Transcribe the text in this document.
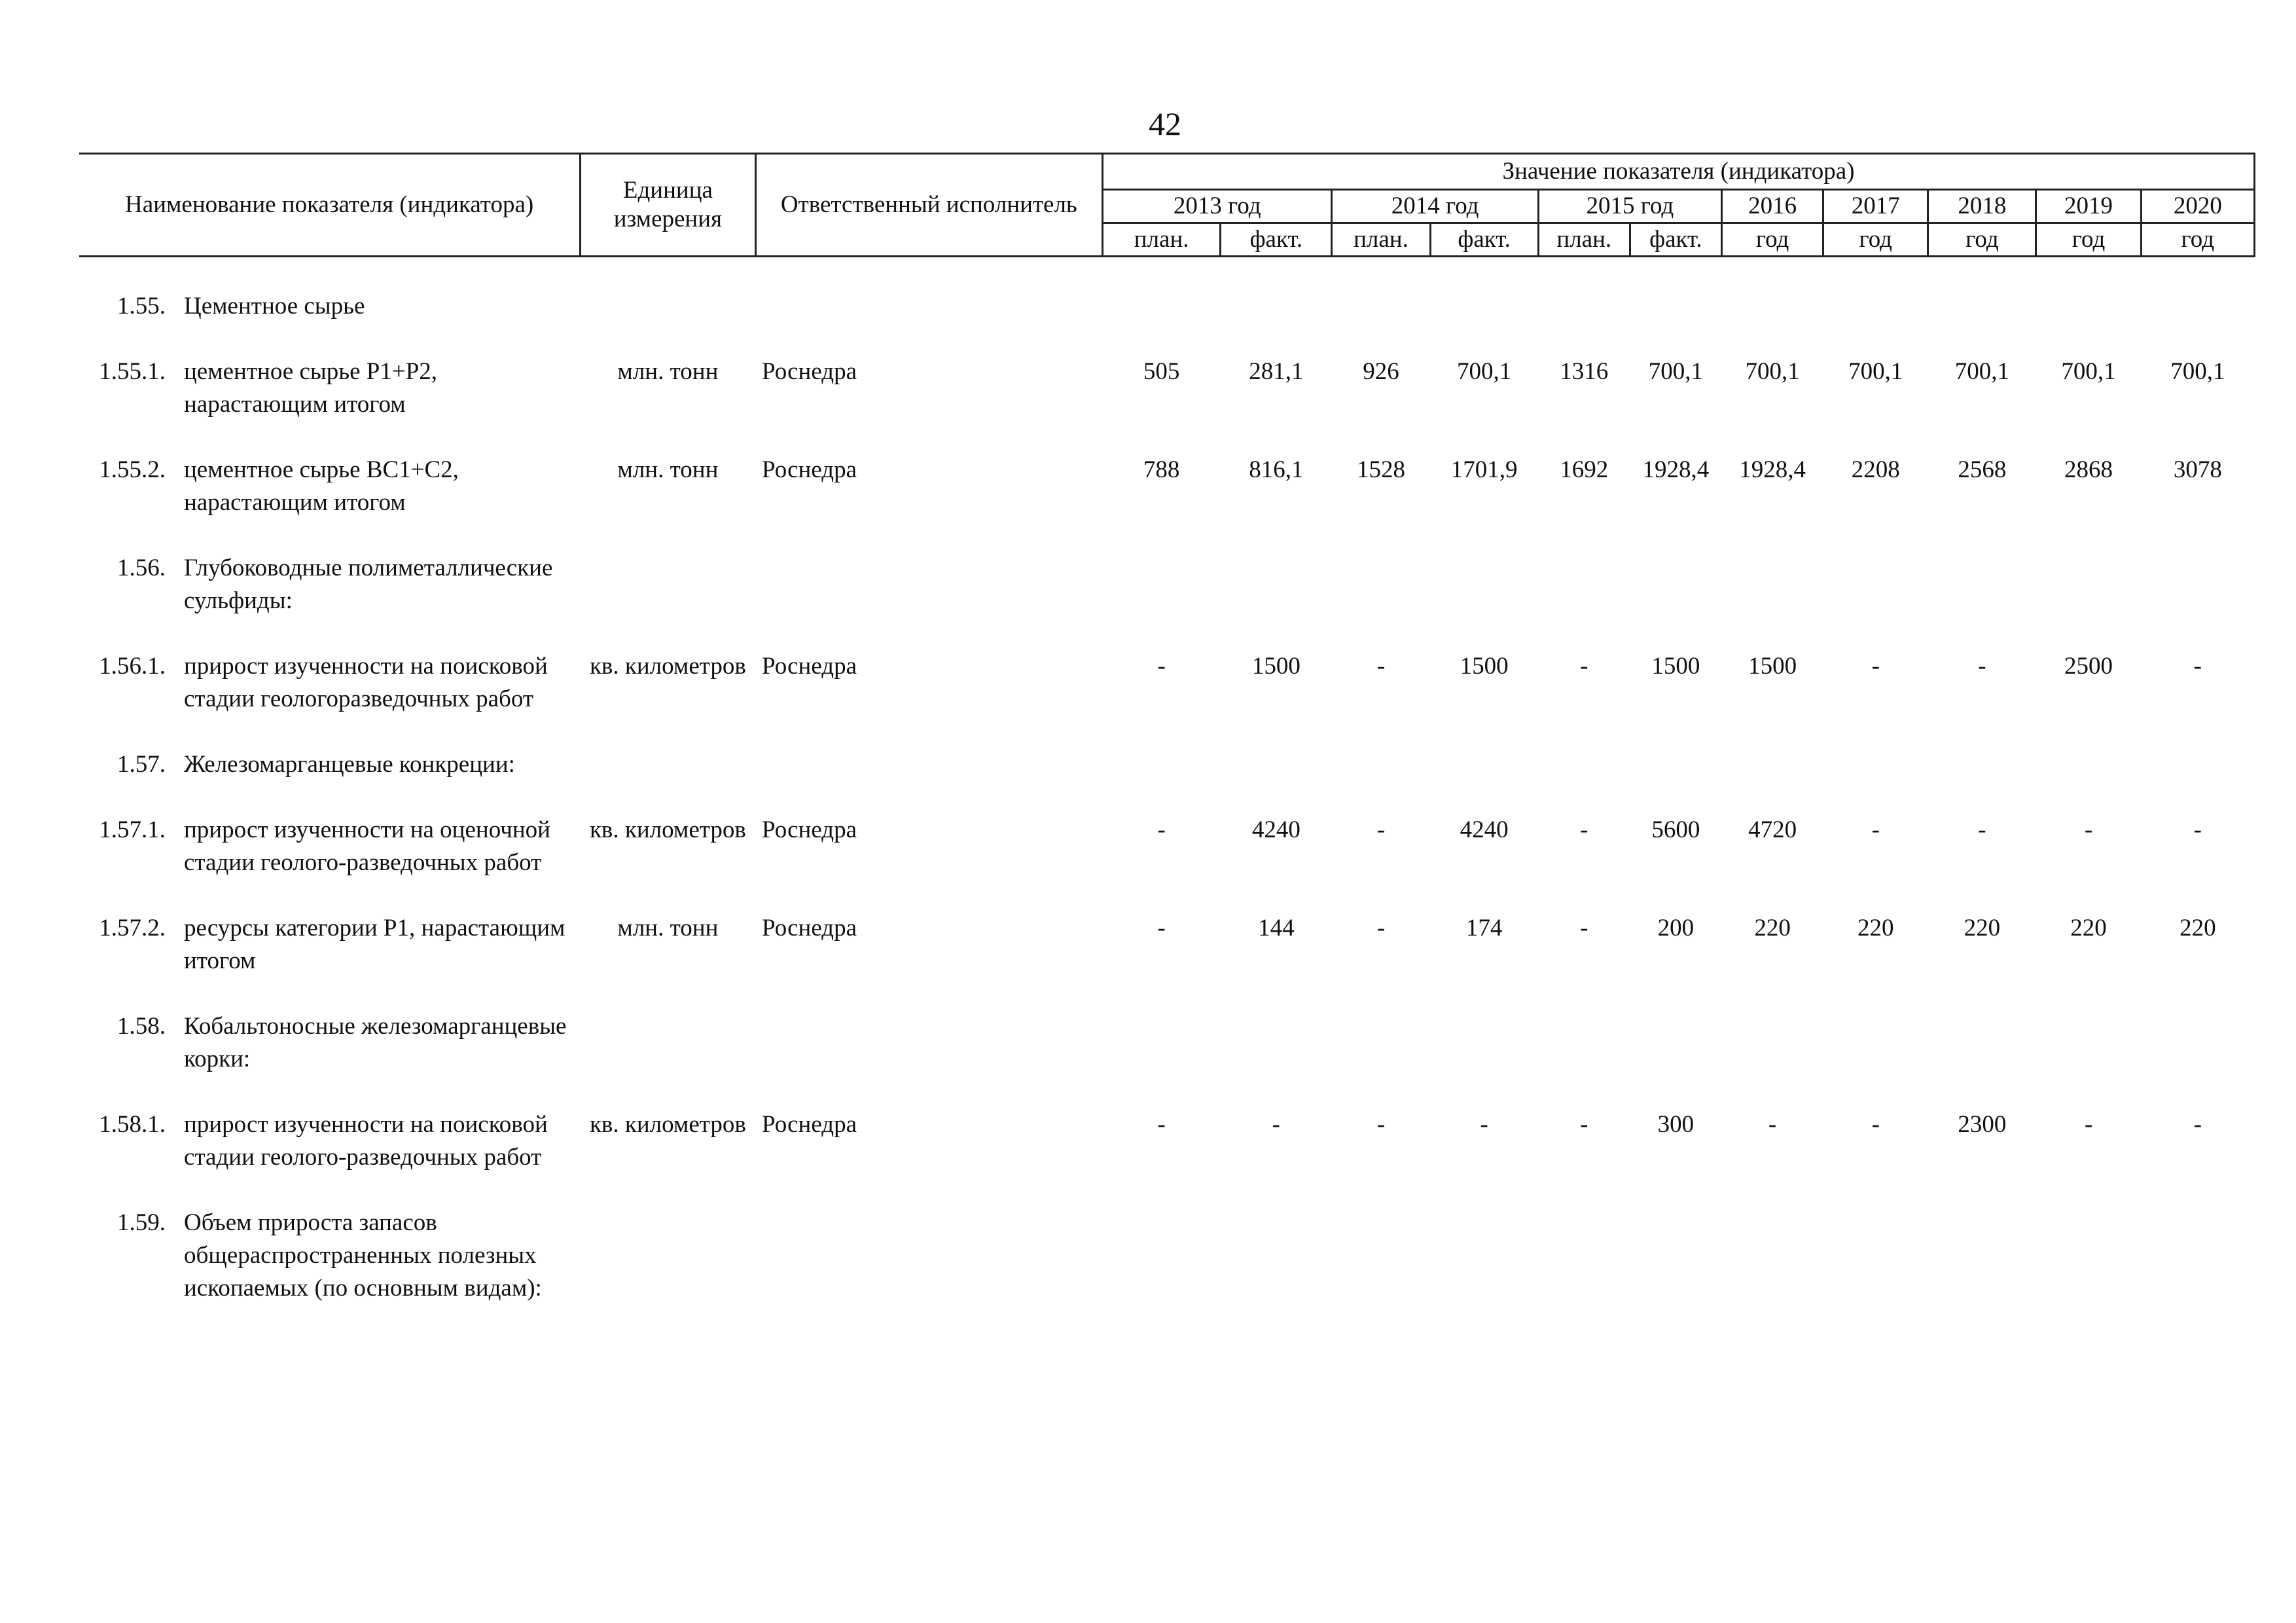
42
Наименование показателя (индикатора)	Единица измерения	Ответственный исполнитель	Значение показателя (индикатора)										
			2013 год		2014 год		2015 год		2016	2017	2018	2019	2020
			план.	факт.	план.	факт.	план.	факт.	год	год	год	год	год

1.55. Цементное сырье													

1.55.1. цементное сырье P1+P2, нарастающим итогом	млн. тонн	Роснедра	505	281,1	926	700,1	1316	700,1	700,1	700,1	700,1	700,1	700,1

1.55.2. цементное сырье BC1+C2, нарастающим итогом	млн. тонн	Роснедра	788	816,1	1528	1701,9	1692	1928,4	1928,4	2208	2568	2868	3078

1.56. Глубоководные полиметаллические сульфиды:													

1.56.1. прирост изученности на поисковой стадии геологоразведочных работ	кв. километров	Роснедра	-	1500	-	1500	-	1500	1500	-	-	2500	-

1.57. Железомарганцевые конкреции:													

1.57.1. прирост изученности на оценочной стадии геолого-разведочных работ	кв. километров	Роснедра	-	4240	-	4240	-	5600	4720	-	-	-	-

1.57.2. ресурсы категории P1, нарастающим итогом	млн. тонн	Роснедра	-	144	-	174	-	200	220	220	220	220	220

1.58. Кобальтоносные железомарганцевые корки:													

1.58.1. прирост изученности на поисковой стадии геолого-разведочных работ	кв. километров	Роснедра	-	-	-	-	-	300	-	-	2300	-	-

1.59. Объем прироста запасов общераспространенных полезных ископаемых (по основным видам):													
